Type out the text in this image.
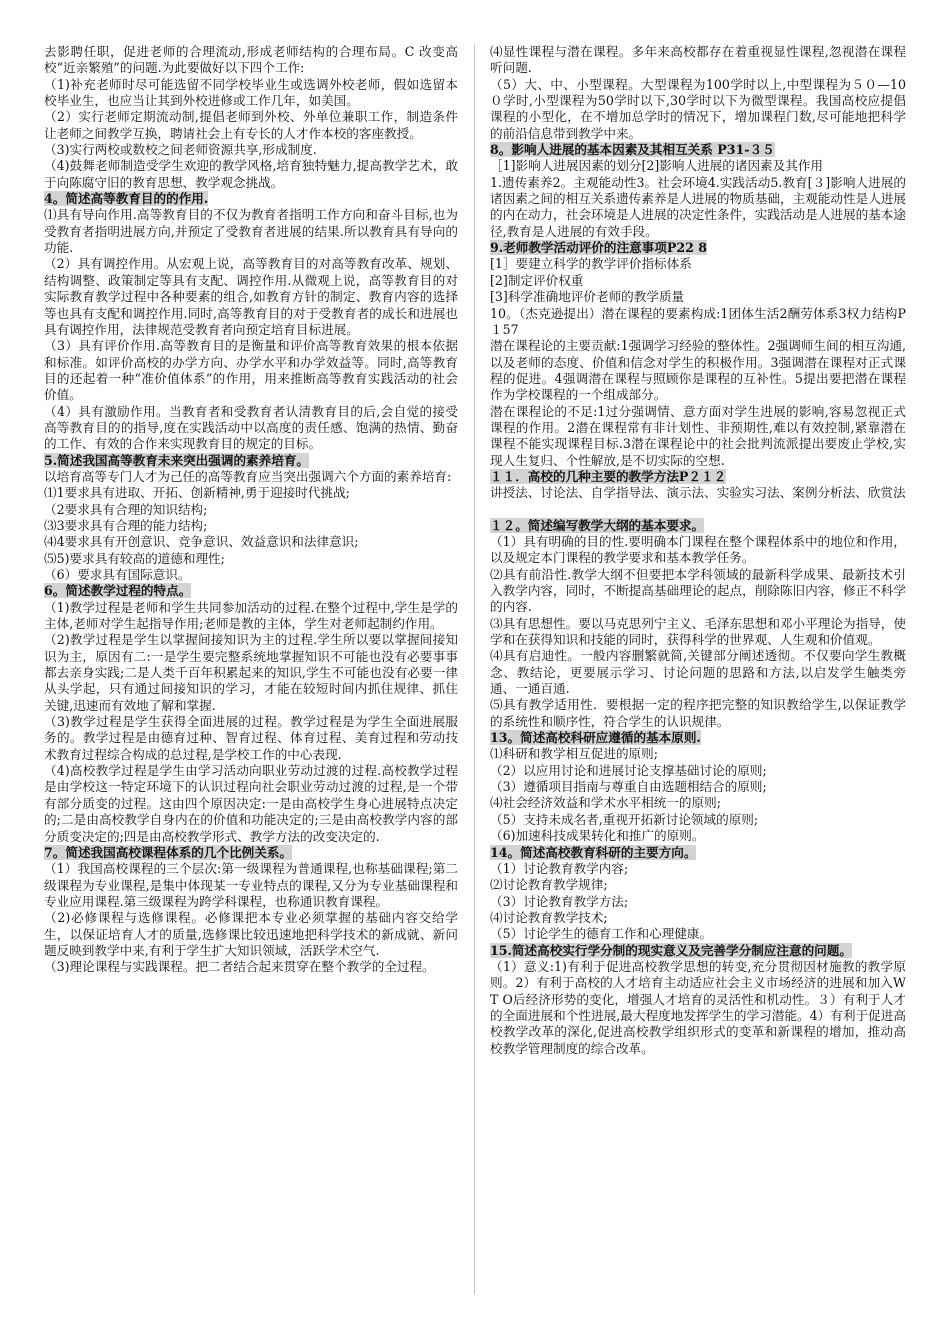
去影聘任职，促进老师的合理流动,形成老师结构的合理布局。C 改变高校“近亲繁殖”的问题.为此要做好以下四个工作:

（1)补充老师时尽可能选留不同学校毕业生或选调外校老师，假如选留本校毕业生，也应当让其到外校进修或工作几年，如美国。

（2）实行老师定期流动制,提倡老师到外校、外单位兼职工作，制造条件让老师之间教学互换，聘请社会上有专长的人才作本校的客座教授。

（3)实行两校或数校之间老师资源共享,形成制度.

（4)鼓舞老师制造受学生欢迎的教学风格,培育独特魅力,提高教学艺术，敢于向陈腐守旧的教育思想、教学观念挑战。

4。简述高等教育目的的作用.

⑴具有导向作用.高等教育目的不仅为教育者指明工作方向和奋斗目标,也为受教育者指明进展方向,并预定了受教育者进展的结果.所以教育具有导向的功能.

（2）具有调控作用。从宏观上说，高等教育目的对高等教育改革、规划、结构调整、政策制定等具有支配、调控作用.从微观上说，高等教育目的对实际教育教学过程中各种要素的组合,如教育方针的制定、教育内容的选择等也具有支配和调控作用.同时,高等教育目的对于受教育者的成长和进展也具有调控作用，法律规范受教育者向预定培育目标进展。

（3）具有评价作用.高等教育目的是衡量和评价高等教育效果的根本依据和标准。如评价高校的办学方向、办学水平和办学效益等。同时,高等教育目的还起着一种“准价值体系”的作用，用来推断高等教育实践活动的社会价值。

（4）具有激励作用。当教育者和受教育者认清教育目的后,会自觉的接受高等教育目的的指导,度在实践活动中以高度的责任感、饱满的热情、勤奋的工作、有效的合作来实现教育目的规定的目标。

5.简述我国高等教育未来突出强调的素养培育。

以培育高等专门人才为己任的高等教育应当突出强调六个方面的素养培育:

⑴1要求具有进取、开拓、创新精神,勇于迎接时代挑战;

（2要求具有合理的知识结构;

⑶3要求具有合理的能力结构;

⑷4要求具有开创意识、竞争意识、效益意识和法律意识;

⑸5)要求具有较高的道德和理性;

（6）要求具有国际意识。

6。简述教学过程的特点。

（1)教学过程是老师和学生共同参加活动的过程.在整个过程中,学生是学的主体,老师对学生起指导作用;老师是教的主体，学生对老师起制约作用。

（2)教学过程是学生以掌握间接知识为主的过程.学生所以要以掌握间接知识为主，原因有二:一是学生要完整系统地掌握知识不可能也没有必要事事都去亲身实践;二是人类千百年积累起来的知识,学生不可能也没有必要一律从头学起，只有通过间接知识的学习，才能在较短时间内抓住规律、抓住关键,迅速而有效地了解和掌握.

（3)教学过程是学生获得全面进展的过程。教学过程是为学生全面进展服务的。教学过程是由德育过种、智育过程、体育过程、美育过程和劳动技术教育过程综合构成的总过程,是学校工作的中心表现.

（4)高校教学过程是学生由学习活动向职业劳动过渡的过程.高校教学过程是由学校这一特定环境下的认识过程向社会职业劳动过渡的过程,是一个带有部分质变的过程。这由四个原因决定:一是由高校学生身心进展特点决定的;二是由高校教学自身内在的价值和功能决定的;三是由高校教学内容的部分质变决定的;四是由高校教学形式、教学方法的改变决定的.

7。简述我国高校课程体系的几个比例关系。

（1）我国高校课程的三个层次:第一级课程为普通课程,也称基础课程;第二级课程为专业课程,是集中体现某一专业特点的课程,又分为专业基础课程和专业应用课程.第三级课程为跨学科课程，也称通识教育课程。

（2)必修课程与选修课程。必修课把本专业必须掌握的基础内容交给学生，以保证培育人才的质量,选修课比较迅速地把科学技术的新成就、新问题反映到教学中来,有利于学生扩大知识领域，活跃学术空气.

（3)理论课程与实践课程。把二者结合起来贯穿在整个教学的全过程。

⑷显性课程与潜在课程。多年来高校都存在着重视显性课程,忽视潜在课程听问题.

（5）大、中、小型课程。大型课程为100学时以上,中型课程为５０—10０学时,小型课程为50学时以下,30学时以下为微型课程。我国高校应提倡课程的小型化，在不增加总学时的情况下，增加课程门数,尽可能地把科学的前沿信息带到教学中来。

8。影响人进展的基本因素及其相互关系 P31-３５

［1]影响人进展因素的划分[2]影响人进展的诸因素及其作用

1.遗传素养2。主观能动性3。社会环境4.实践活动5.教育[３]影响人进展的诸因素之间的相互关系遗传素养是人进展的物质基础，主观能动性是人进展的内在动力，社会环境是人进展的决定性条件，实践活动是人进展的基本途径,教育是人进展的有效手段。

9.老师教学活动评价的注意事项P22 8

[1］要建立科学的教学评价指标体系

[2]制定评价权重

[3]科学准确地评价老师的教学质量

10。（杰克逊提出）潜在课程的要素构成:1团体生活2酬劳体系3权力结构P１57

潜在课程论的主要贡献:1强调学习经验的整体性。2强调师生间的相互沟通,以及老师的态度、价值和信念对学生的积极作用。3强调潜在课程对正式课程的促进。4强调潜在课程与照顾你是课程的互补性。5提出要把潜在课程作为学校课程的一个组成部分。

潜在课程论的不足:1过分强调情、意方面对学生进展的影响,容易忽视正式课程的作用。2潜在课程常有非计划性、非预期性,难以有效控制,紧靠潜在课程不能实现课程目标.3潜在课程论中的社会批判流派提出要废止学校,实现人生复归、个性解放,是不切实际的空想.

１１．高校的几种主要的教学方法P２１２

讲授法、讨论法、自学指导法、演示法、实验实习法、案例分析法、欣赏法

１２。简述编写教学大纲的基本要求。

（1）具有明确的目的性.要明确本门课程在整个课程体系中的地位和作用，以及规定本门课程的教学要求和基本教学任务。

⑵具有前沿性.教学大纲不但要把本学科领域的最新科学成果、最新技术引入教学内容，同时，不断提高基础理论的起点，削除陈旧内容，修正不科学的内容.

⑶具有思想性。要以马克思列宁主义、毛泽东思想和邓小平理论为指导，使学和在获得知识和技能的同时，获得科学的世界观、人生观和价值观。

⑷具有启迪性。一般内容删繁就简,关键部分阐述透彻。不仅要向学生教概念、教结论，更要展示学习、讨论问题的思路和方法,以启发学生触类旁通、一通百通.

⑸具有教学适用性．要根据一定的程序把完整的知识教给学生,以保证教学的系统性和顺序性，符合学生的认识规律。

13。简述高校科研应遵循的基本原则.

⑴科研和教学相互促进的原则;

（2）以应用讨论和进展讨论支撑基础讨论的原则;

（3）遵循项目指南与尊重自由选题相结合的原则;

⑷社会经济效益和学术水平相统一的原则;

（5）支持未成名者,重视开拓新讨论领域的原则;

（6)加速科技成果转化和推广的原则。

14。简述高校教育科研的主要方向。

（1）讨论教育教学内容;

⑵讨论教育教学规律;

（3）讨论教育教学方法;

⑷讨论教育教学技术;

（5）讨论学生的德育工作和心理健康。

15.简述高校实行学分制的现实意义及完善学分制应注意的问题。

（1）意义:1)有利于促进高校教学思想的转变,充分贯彻因材施教的教学原则。2）有利于高校的人才培育主动适应社会主义市场经济的进展和加入WT O后经济形势的变化，增强人才培育的灵活性和机动性。３）有利于人才的全面进展和个性进展,最大程度地发挥学生的学习潜能。4）有利于促进高校教学改革的深化,促进高校教学组织形式的变革和新课程的增加，推动高校教学管理制度的综合改革。
